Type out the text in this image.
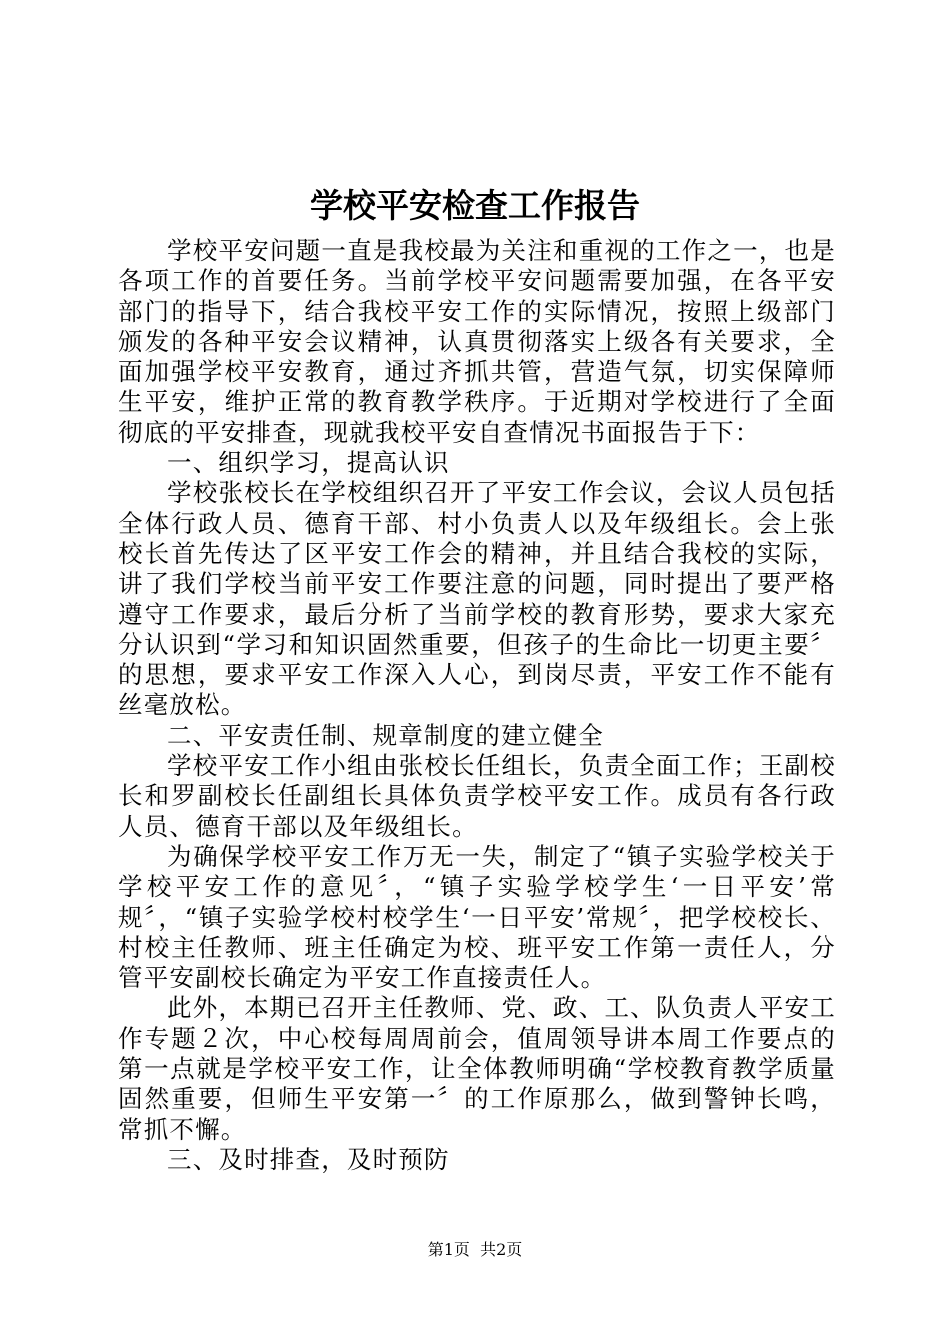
学校平安检查工作报告

学校平安问题一直是我校最为关注和重视的工作之一，也是各项工作的首要任务。当前学校平安问题需要加强，在各平安部门的指导下，结合我校平安工作的实际情况，按照上级部门颁发的各种平安会议精神，认真贯彻落实上级各有关要求，全面加强学校平安教育，通过齐抓共管，营造气氛，切实保障师生平安，维护正常的教育教学秩序。于近期对学校进行了全面彻底的平安排查，现就我校平安自查情况书面报告于下：

一、组织学习，提高认识

学校张校长在学校组织召开了平安工作会议，会议人员包括全体行政人员、德育干部、村小负责人以及年级组长。会上张校长首先传达了区平安工作会的精神，并且结合我校的实际，讲了我们学校当前平安工作要注意的问题，同时提出了要严格遵守工作要求，最后分析了当前学校的教育形势，要求大家充分认识到“学习和知识固然重要，但孩子的生命比一切更主要〞的思想，要求平安工作深入人心，到岗尽责，平安工作不能有丝毫放松。

二、平安责任制、规章制度的建立健全

学校平安工作小组由张校长任组长，负责全面工作；王副校长和罗副校长任副组长具体负责学校平安工作。成员有各行政人员、德育干部以及年级组长。

为确保学校平安工作万无一失，制定了“镇子实验学校关于学校平安工作的意见〞，“镇子实验学校学生‘一日平安’常规〞，“镇子实验学校村校学生‘一日平安’常规〞，把学校校长、村校主任教师、班主任确定为校、班平安工作第一责任人，分管平安副校长确定为平安工作直接责任人。

此外，本期已召开主任教师、党、政、工、队负责人平安工作专题２次，中心校每周周前会，值周领导讲本周工作要点的第一点就是学校平安工作，让全体教师明确“学校教育教学质量固然重要，但师生平安第一〞的工作原那么，做到警钟长鸣，常抓不懈。

三、及时排查，及时预防

第1页 共2页
